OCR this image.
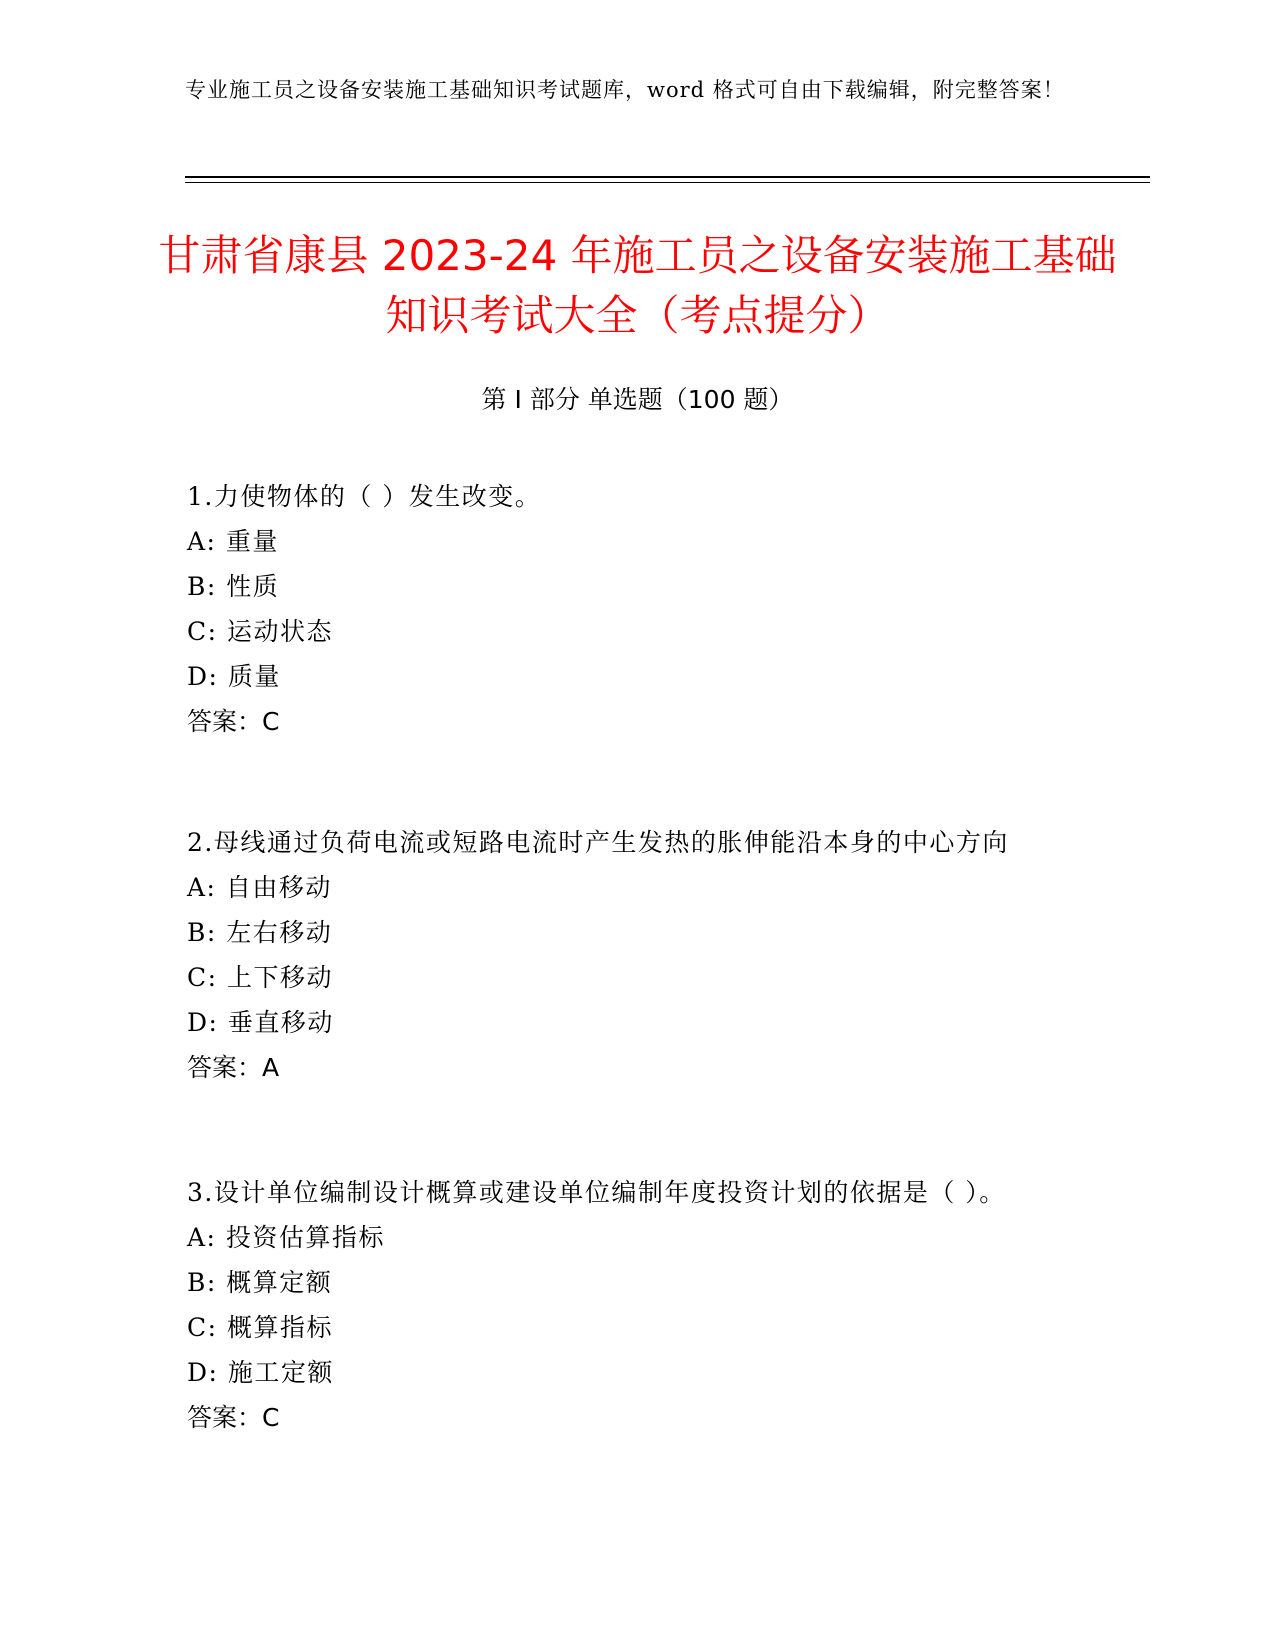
专业施工员之设备安装施工基础知识考试题库，word 格式可自由下载编辑，附完整答案！
甘肃省康县 2023-24 年施工员之设备安装施工基础知识考试大全（考点提分）
第 I 部分 单选题（100 题）
1.力使物体的（ ）发生改变。
A: 重量
B: 性质
C: 运动状态
D: 质量
答案：C
2.母线通过负荷电流或短路电流时产生发热的胀伸能沿本身的中心方向
A: 自由移动
B: 左右移动
C: 上下移动
D: 垂直移动
答案：A
3.设计单位编制设计概算或建设单位编制年度投资计划的依据是（ ）。
A: 投资估算指标
B: 概算定额
C: 概算指标
D: 施工定额
答案：C
